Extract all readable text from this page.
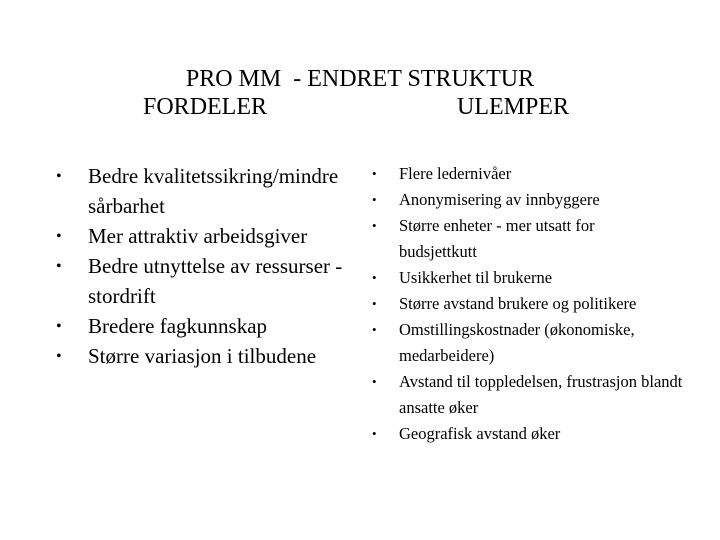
PRO MM  - ENDRET STRUKTUR
FORDELER	ULEMPER
• Bedre kvalitetssikring/mindre sårbarhet
• Mer attraktiv arbeidsgiver
• Bedre utnyttelse av ressurser - stordrift
• Bredere fagkunnskap
• Større variasjon i tilbudene
• Flere ledernivåer
• Anonymisering av innbyggere
• Større enheter - mer utsatt for budsjettkutt
• Usikkerhet til brukerne
• Større avstand brukere og politikere
• Omstillingskostnader (økonomiske, medarbeidere)
• Avstand til toppledelsen, frustrasjon blandt ansatte øker
• Geografisk avstand øker
